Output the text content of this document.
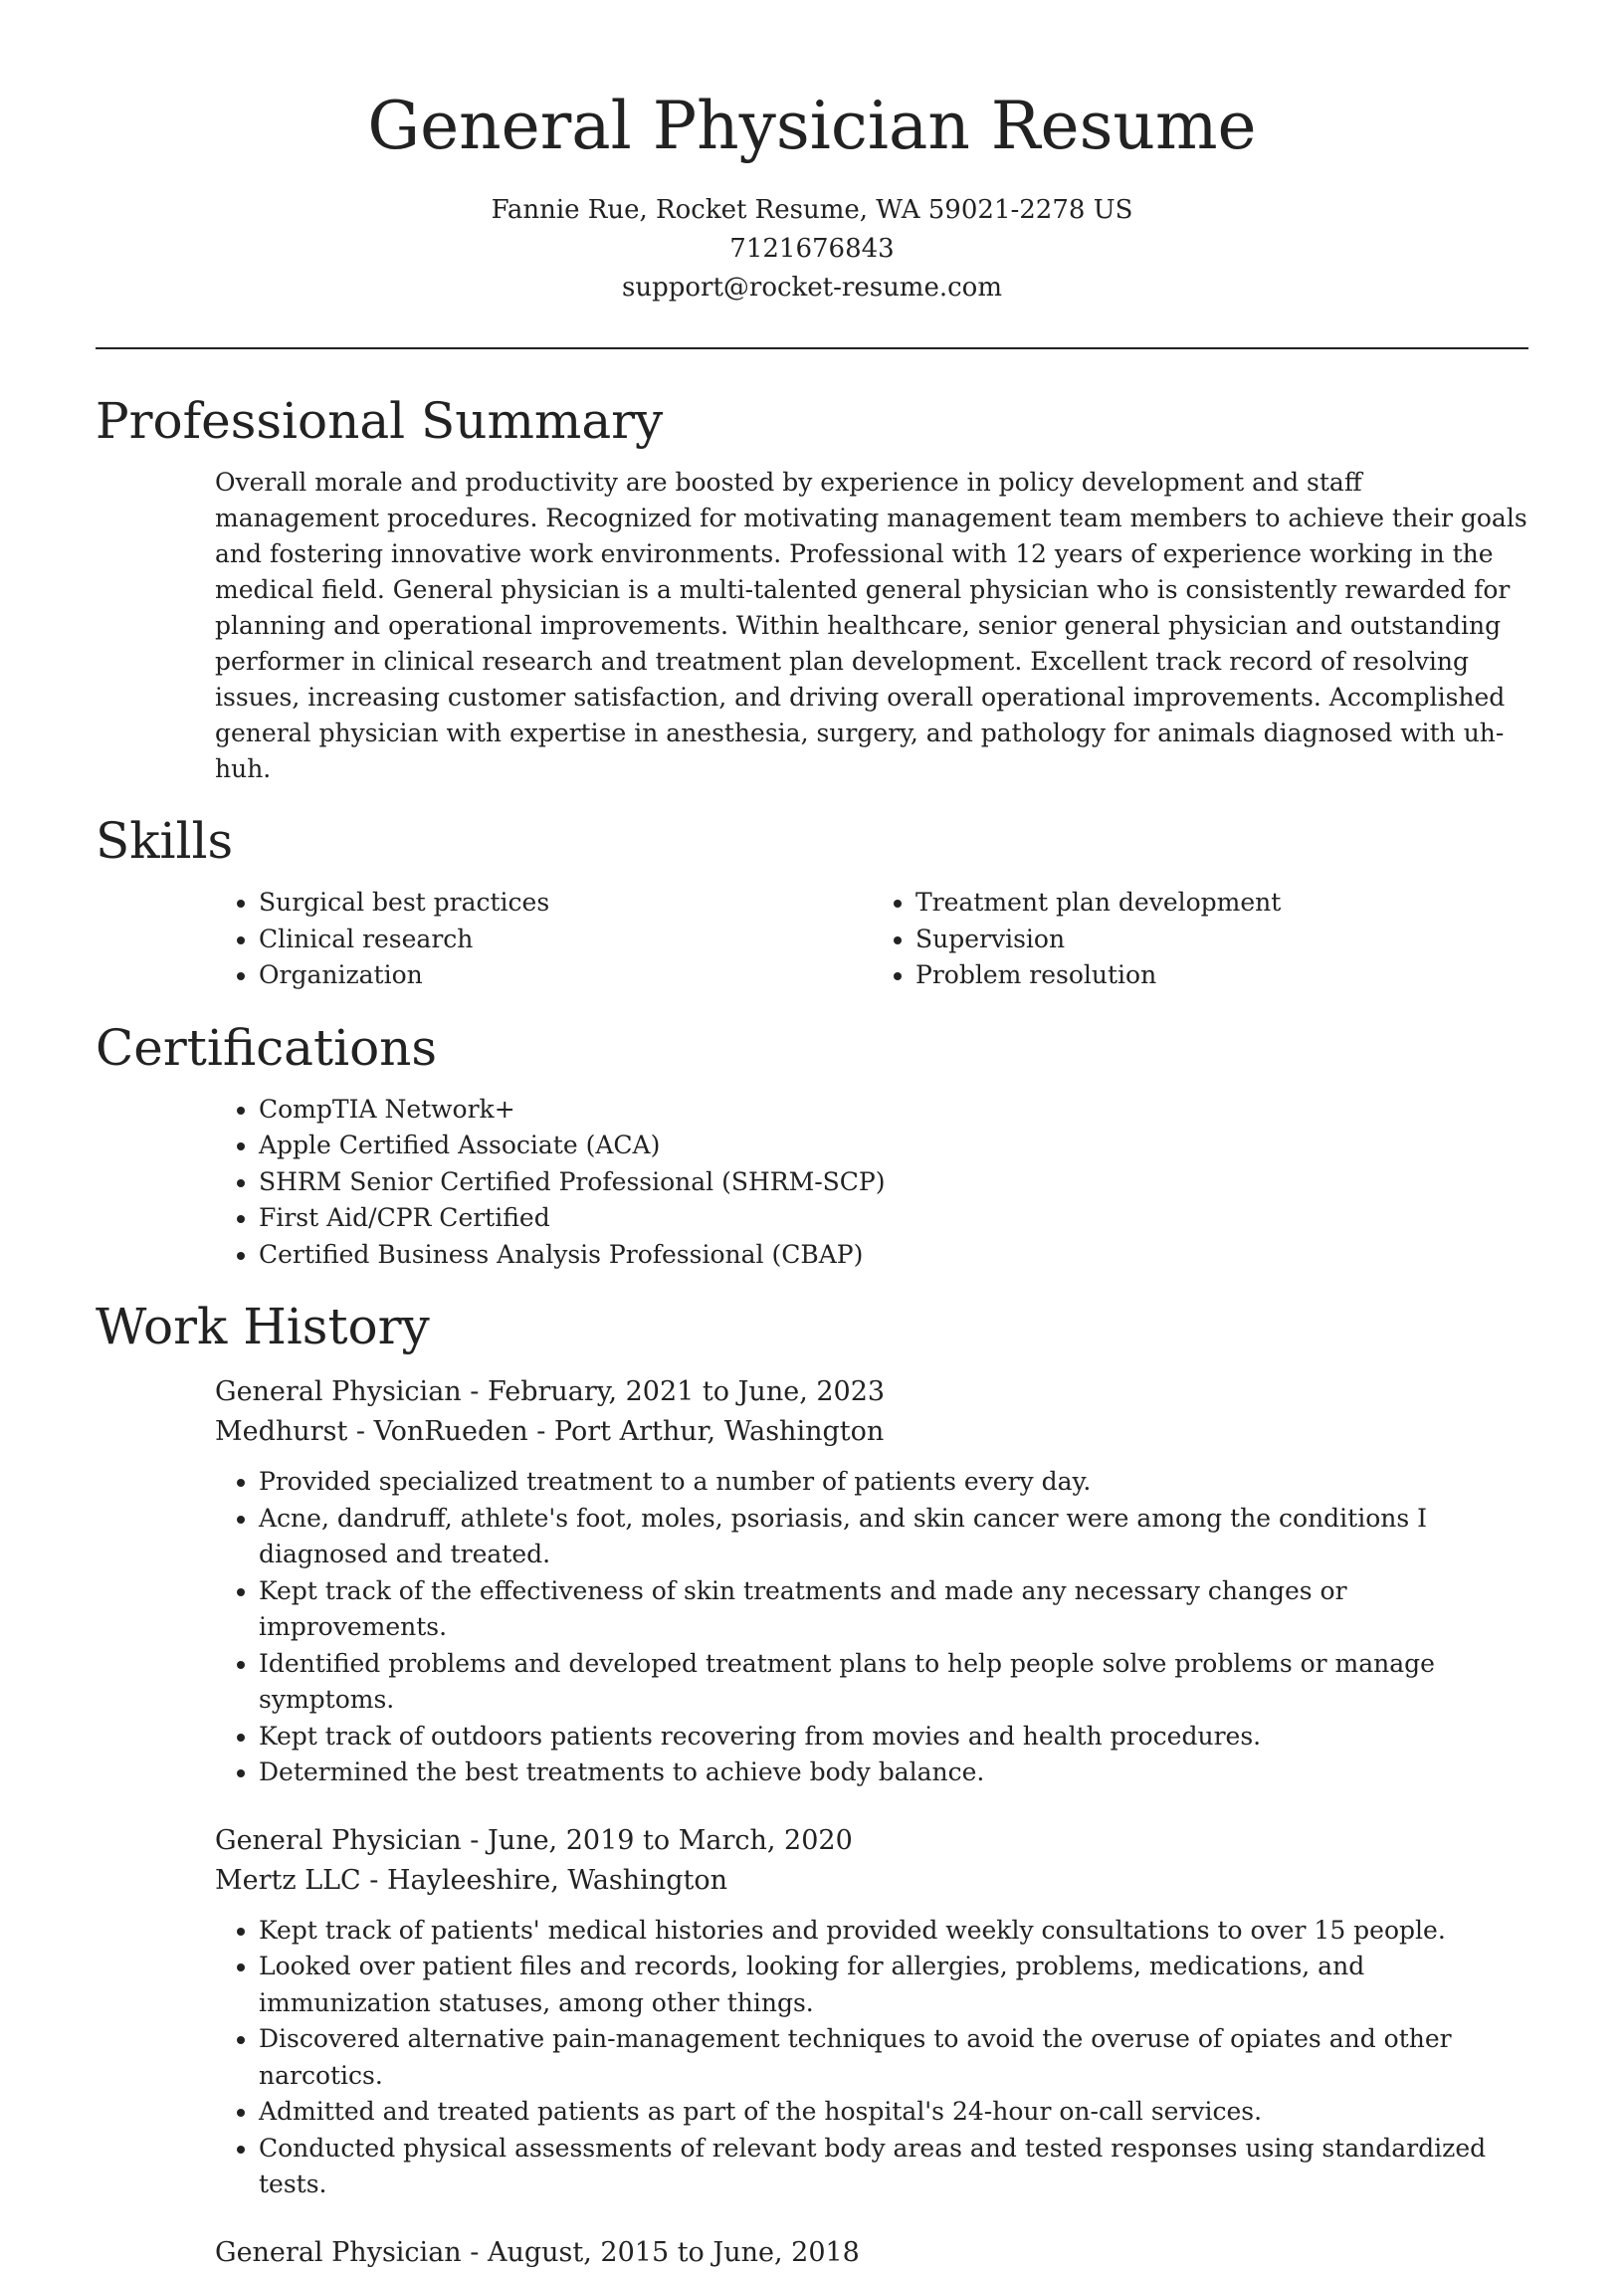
General Physician Resume
Fannie Rue, Rocket Resume, WA 59021-2278 US
7121676843
support@rocket-resume.com
Professional Summary

Overall morale and productivity are boosted by experience in policy development and staff management procedures. Recognized for motivating management team members to achieve their goals and fostering innovative work environments. Professional with 12 years of experience working in the medical field. General physician is a multi-talented general physician who is consistently rewarded for planning and operational improvements. Within healthcare, senior general physician and outstanding performer in clinical research and treatment plan development. Excellent track record of resolving issues, increasing customer satisfaction, and driving overall operational improvements. Accomplished general physician with expertise in anesthesia, surgery, and pathology for animals diagnosed with uh-huh.

Skills
• Surgical best practices
• Clinical research
• Organization
• Treatment plan development
• Supervision
• Problem resolution
Certifications
• CompTIA Network+
• Apple Certified Associate (ACA)
• SHRM Senior Certified Professional (SHRM-SCP)
• First Aid/CPR Certified
• Certified Business Analysis Professional (CBAP)
Work History
General Physician - February, 2021 to June, 2023
Medhurst - VonRueden - Port Arthur, Washington
• Provided specialized treatment to a number of patients every day.
• Acne, dandruff, athlete's foot, moles, psoriasis, and skin cancer were among the conditions I diagnosed and treated.
• Kept track of the effectiveness of skin treatments and made any necessary changes or improvements.
• Identified problems and developed treatment plans to help people solve problems or manage symptoms.
• Kept track of outdoors patients recovering from movies and health procedures.
• Determined the best treatments to achieve body balance.
General Physician - June, 2019 to March, 2020
Mertz LLC - Hayleeshire, Washington
• Kept track of patients' medical histories and provided weekly consultations to over 15 people.
• Looked over patient files and records, looking for allergies, problems, medications, and immunization statuses, among other things.
• Discovered alternative pain-management techniques to avoid the overuse of opiates and other narcotics.
• Admitted and treated patients as part of the hospital's 24-hour on-call services.
• Conducted physical assessments of relevant body areas and tested responses using standardized tests.
General Physician - August, 2015 to June, 2018
